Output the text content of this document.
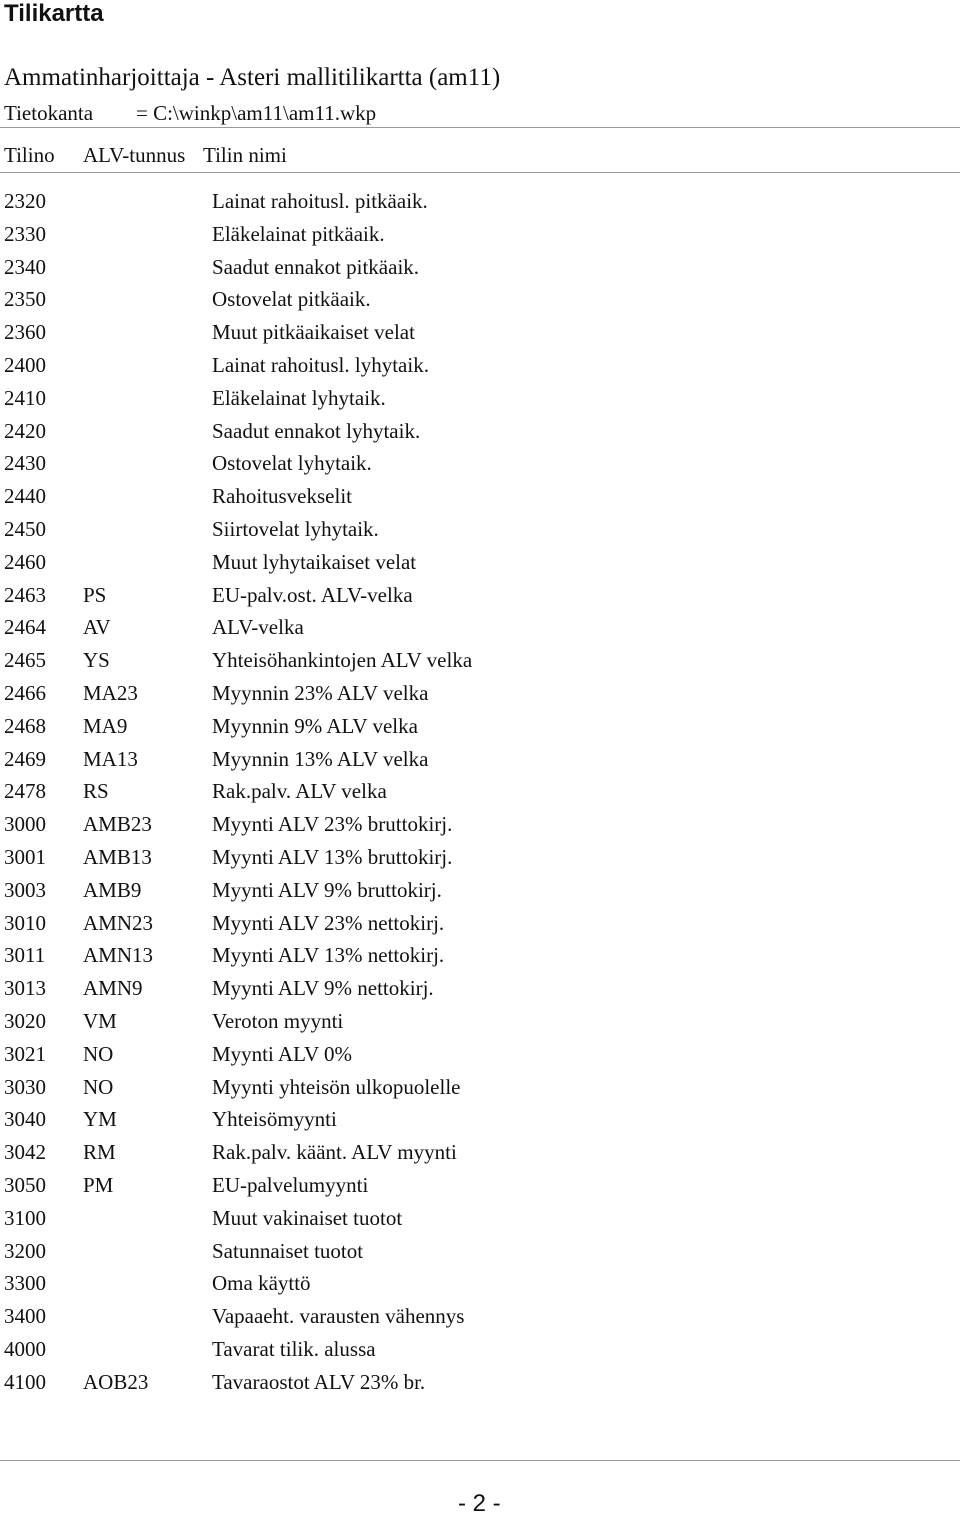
Tilikartta
Ammatinharjoittaja - Asteri mallitilikartta (am11)
Tietokanta = C:\winkp\am11\am11.wkp
Tilino ALV-tunnus Tilin nimi
2320	Lainat rahoitusl. pitkäaik.
2330	Eläkelainat pitkäaik.
2340	Saadut ennakot pitkäaik.
2350	Ostovelat pitkäaik.
2360	Muut pitkäaikaiset velat
2400	Lainat rahoitusl. lyhytaik.
2410	Eläkelainat lyhytaik.
2420	Saadut ennakot lyhytaik.
2430	Ostovelat lyhytaik.
2440	Rahoitusvekselit
2450	Siirtovelat lyhytaik.
2460	Muut lyhytaikaiset velat
2463 PS	EU-palv.ost. ALV-velka
2464 AV	ALV-velka
2465 YS	Yhteisöhankintojen ALV velka
2466 MA23	Myynnin 23% ALV velka
2468 MA9	Myynnin 9% ALV velka
2469 MA13	Myynnin 13% ALV velka
2478 RS	Rak.palv. ALV velka
3000 AMB23	Myynti ALV 23% bruttokirj.
3001 AMB13	Myynti ALV 13% bruttokirj.
3003 AMB9	Myynti ALV 9% bruttokirj.
3010 AMN23	Myynti ALV 23% nettokirj.
3011 AMN13	Myynti ALV 13% nettokirj.
3013 AMN9	Myynti ALV 9% nettokirj.
3020 VM	Veroton myynti
3021 NO	Myynti ALV 0%
3030 NO	Myynti yhteisön ulkopuolelle
3040 YM	Yhteisömyynti
3042 RM	Rak.palv. käänt. ALV myynti
3050 PM	EU-palvelumyynti
3100	Muut vakinaiset tuotot
3200	Satunnaiset tuotot
3300	Oma käyttö
3400	Vapaaeht. varausten vähennys
4000	Tavarat tilik. alussa
4100 AOB23	Tavaraostot ALV 23% br.
- 2 -
